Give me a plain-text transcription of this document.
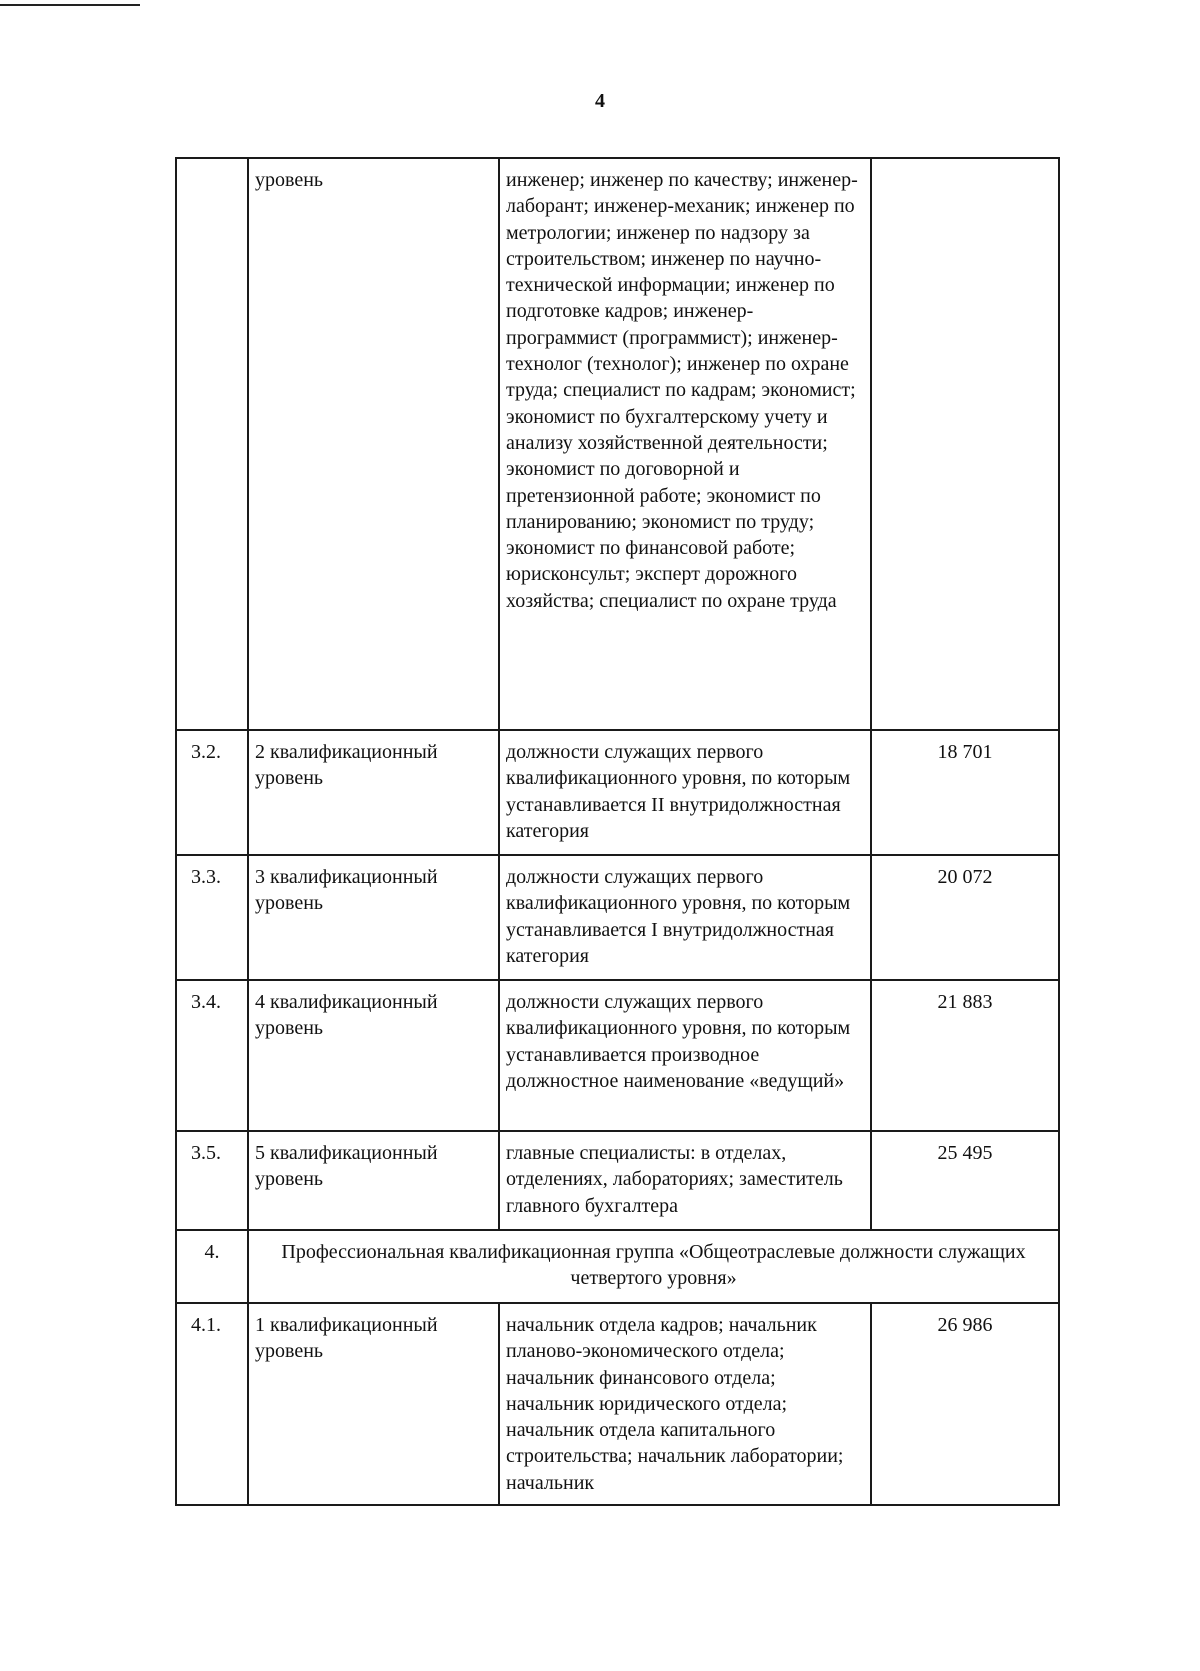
4
	уровень	инженер; инженер по качеству; инженер-лаборант; инженер-механик; инженер по метрологии; инженер по надзору за строительством; инженер по научно-технической информации; инженер по подготовке кадров; инженер-программист (программист); инженер-технолог (технолог); инженер по охране труда; специалист по кадрам; экономист; экономист по бухгалтерскому учету и анализу хозяйственной деятельности; экономист по договорной и претензионной работе; экономист по планированию; экономист по труду; экономист по финансовой работе; юрисконсульт; эксперт дорожного хозяйства; специалист по охране труда	
3.2.	2 квалификационный уровень	должности служащих первого квалификационного уровня, по которым устанавливается II внутридолжностная категория	18 701
3.3.	3 квалификационный уровень	должности служащих первого квалификационного уровня, по которым устанавливается I внутридолжностная категория	20 072
3.4.	4 квалификационный уровень	должности служащих первого квалификационного уровня, по которым устанавливается производное должностное наименование «ведущий»	21 883
3.5.	5 квалификационный уровень	главные специалисты: в отделах, отделениях, лабораториях; заместитель главного бухгалтера	25 495
4.	Профессиональная квалификационная группа «Общеотраслевые должности служащих четвертого уровня»		
4.1.	1 квалификационный уровень	начальник отдела кадров; начальник планово-экономического отдела; начальник финансового отдела; начальник юридического отдела; начальник отдела капитального строительства; начальник лаборатории; начальник	26 986
